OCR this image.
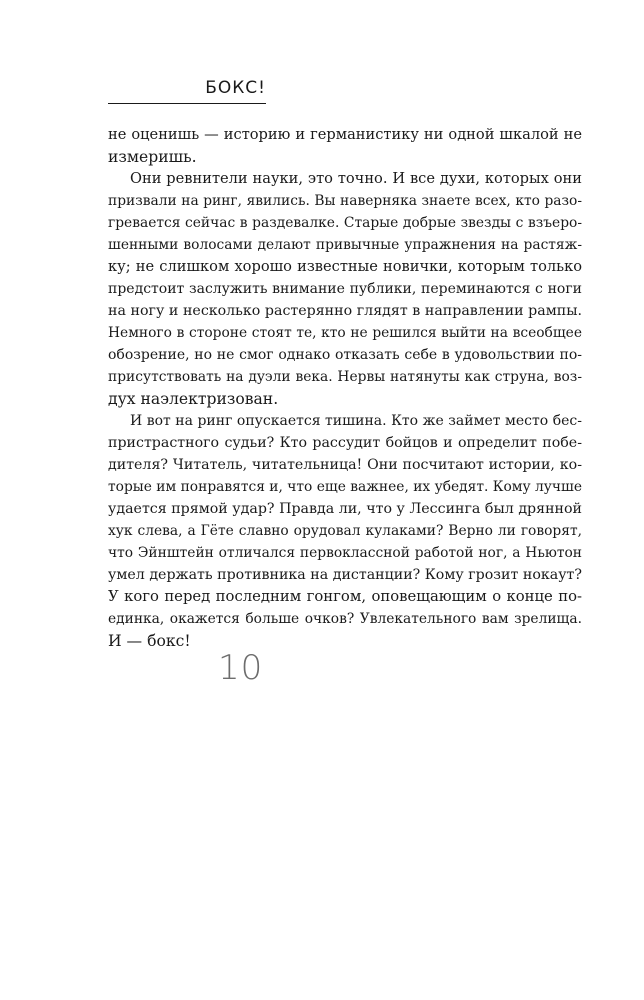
БОКС!

не оценишь — историю и германистику ни одной шкалой не
измеришь.

Они ревнители науки, это точно. И все духи, которых они
призвали на ринг, явились. Вы наверняка знаете всех, кто разо-
гревается сейчас в раздевалке. Старые добрые звезды с взъеро-
шенными волосами делают привычные упражнения на растяж-
ку; не слишком хорошо известные новички, которым только
предстоит заслужить внимание публики, переминаются с ноги
на ногу и несколько растерянно глядят в направлении рампы.
Немного в стороне стоят те, кто не решился выйти на всеобщее
обозрение, но не смог однако отказать себе в удовольствии по-
присутствовать на дуэли века. Нервы натянуты как струна, воз-
дух наэлектризован.

И вот на ринг опускается тишина. Кто же займет место бес-
пристрастного судьи? Кто рассудит бойцов и определит побе-
дителя? Читатель, читательница! Они посчитают истории, ко-
торые им понравятся и, что еще важнее, их убедят. Кому лучше
удается прямой удар? Правда ли, что у Лессинга был дрянной
хук слева, а Гёте славно орудовал кулаками? Верно ли говорят,
что Эйнштейн отличался первоклассной работой ног, а Ньютон
умел держать противника на дистанции? Кому грозит нокаут?
У кого перед последним гонгом, оповещающим о конце по-
единка, окажется больше очков? Увлекательного вам зрелища.
И — бокс!

10
